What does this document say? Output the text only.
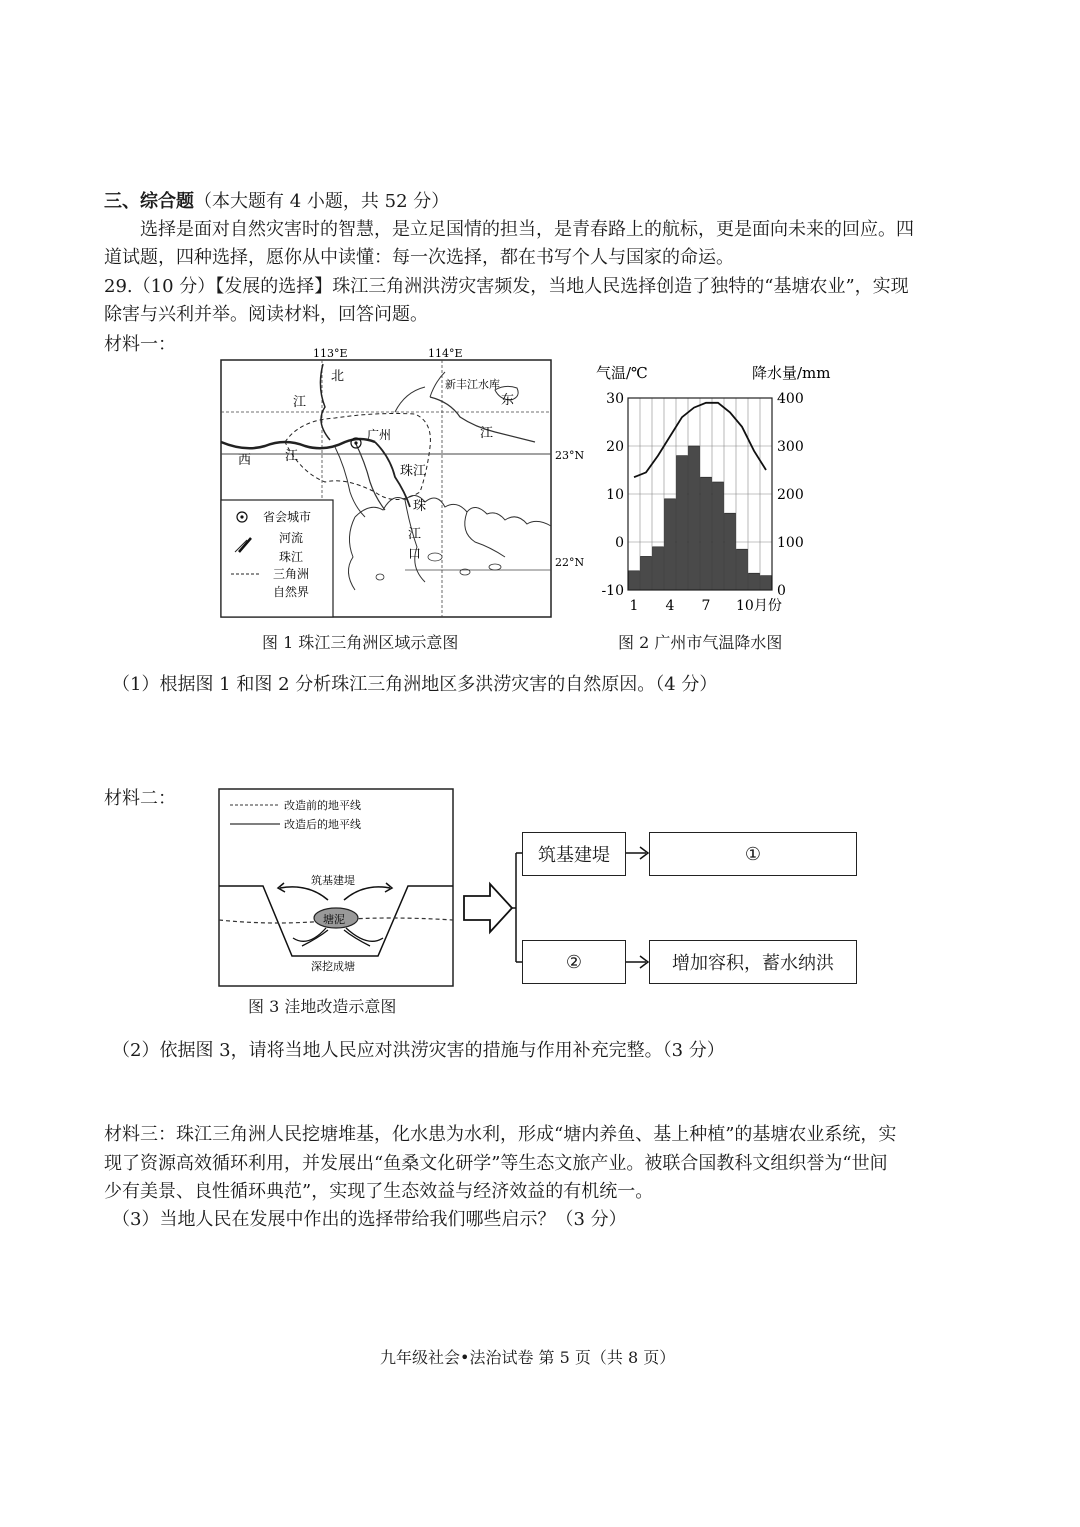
三、综合题（本大题有 4 小题，共 52 分）
选择是面对自然灾害时的智慧，是立足国情的担当，是青春路上的航标，更是面向未来的回应。四
道试题，四种选择，愿你从中读懂：每一次选择，都在书写个人与国家的命运。
29.（10 分）【发展的选择】珠江三角洲洪涝灾害频发，当地人民选择创造了独特的“基塘农业”，实现
除害与兴利并举。阅读材料，回答问题。
材料一：	113°E	114°E
23°N
22°N
北
新丰江水库
东
江
江
广州
西	江
珠江
珠
江
口
省会城市
河流
珠江
三角洲
自然界
图 1 珠江三角洲区域示意图
气温/℃	降水量/mm
30
20
10
0
-10
400
300
200
100
0
1 4 7 10月份
图 2 广州市气温降水图
（1）根据图 1 和图 2 分析珠江三角洲地区多洪涝灾害的自然原因。（4 分）
材料二：	改造前的地平线
改造后的地平线
塘泥
筑基建堤
深挖成塘
图 3 洼地改造示意图
筑基建堤	①
②	增加容积，蓄水纳洪
（2）依据图 3，请将当地人民应对洪涝灾害的措施与作用补充完整。（3 分）
材料三：珠江三角洲人民挖塘堆基，化水患为水利，形成“塘内养鱼、基上种植”的基塘农业系统，实
现了资源高效循环利用，并发展出“鱼桑文化研学”等生态文旅产业。被联合国教科文组织誉为“世间
少有美景、良性循环典范”，实现了生态效益与经济效益的有机统一。
（3）当地人民在发展中作出的选择带给我们哪些启示？（3 分）
九年级社会•法治试卷 第 5 页（共 8 页）
